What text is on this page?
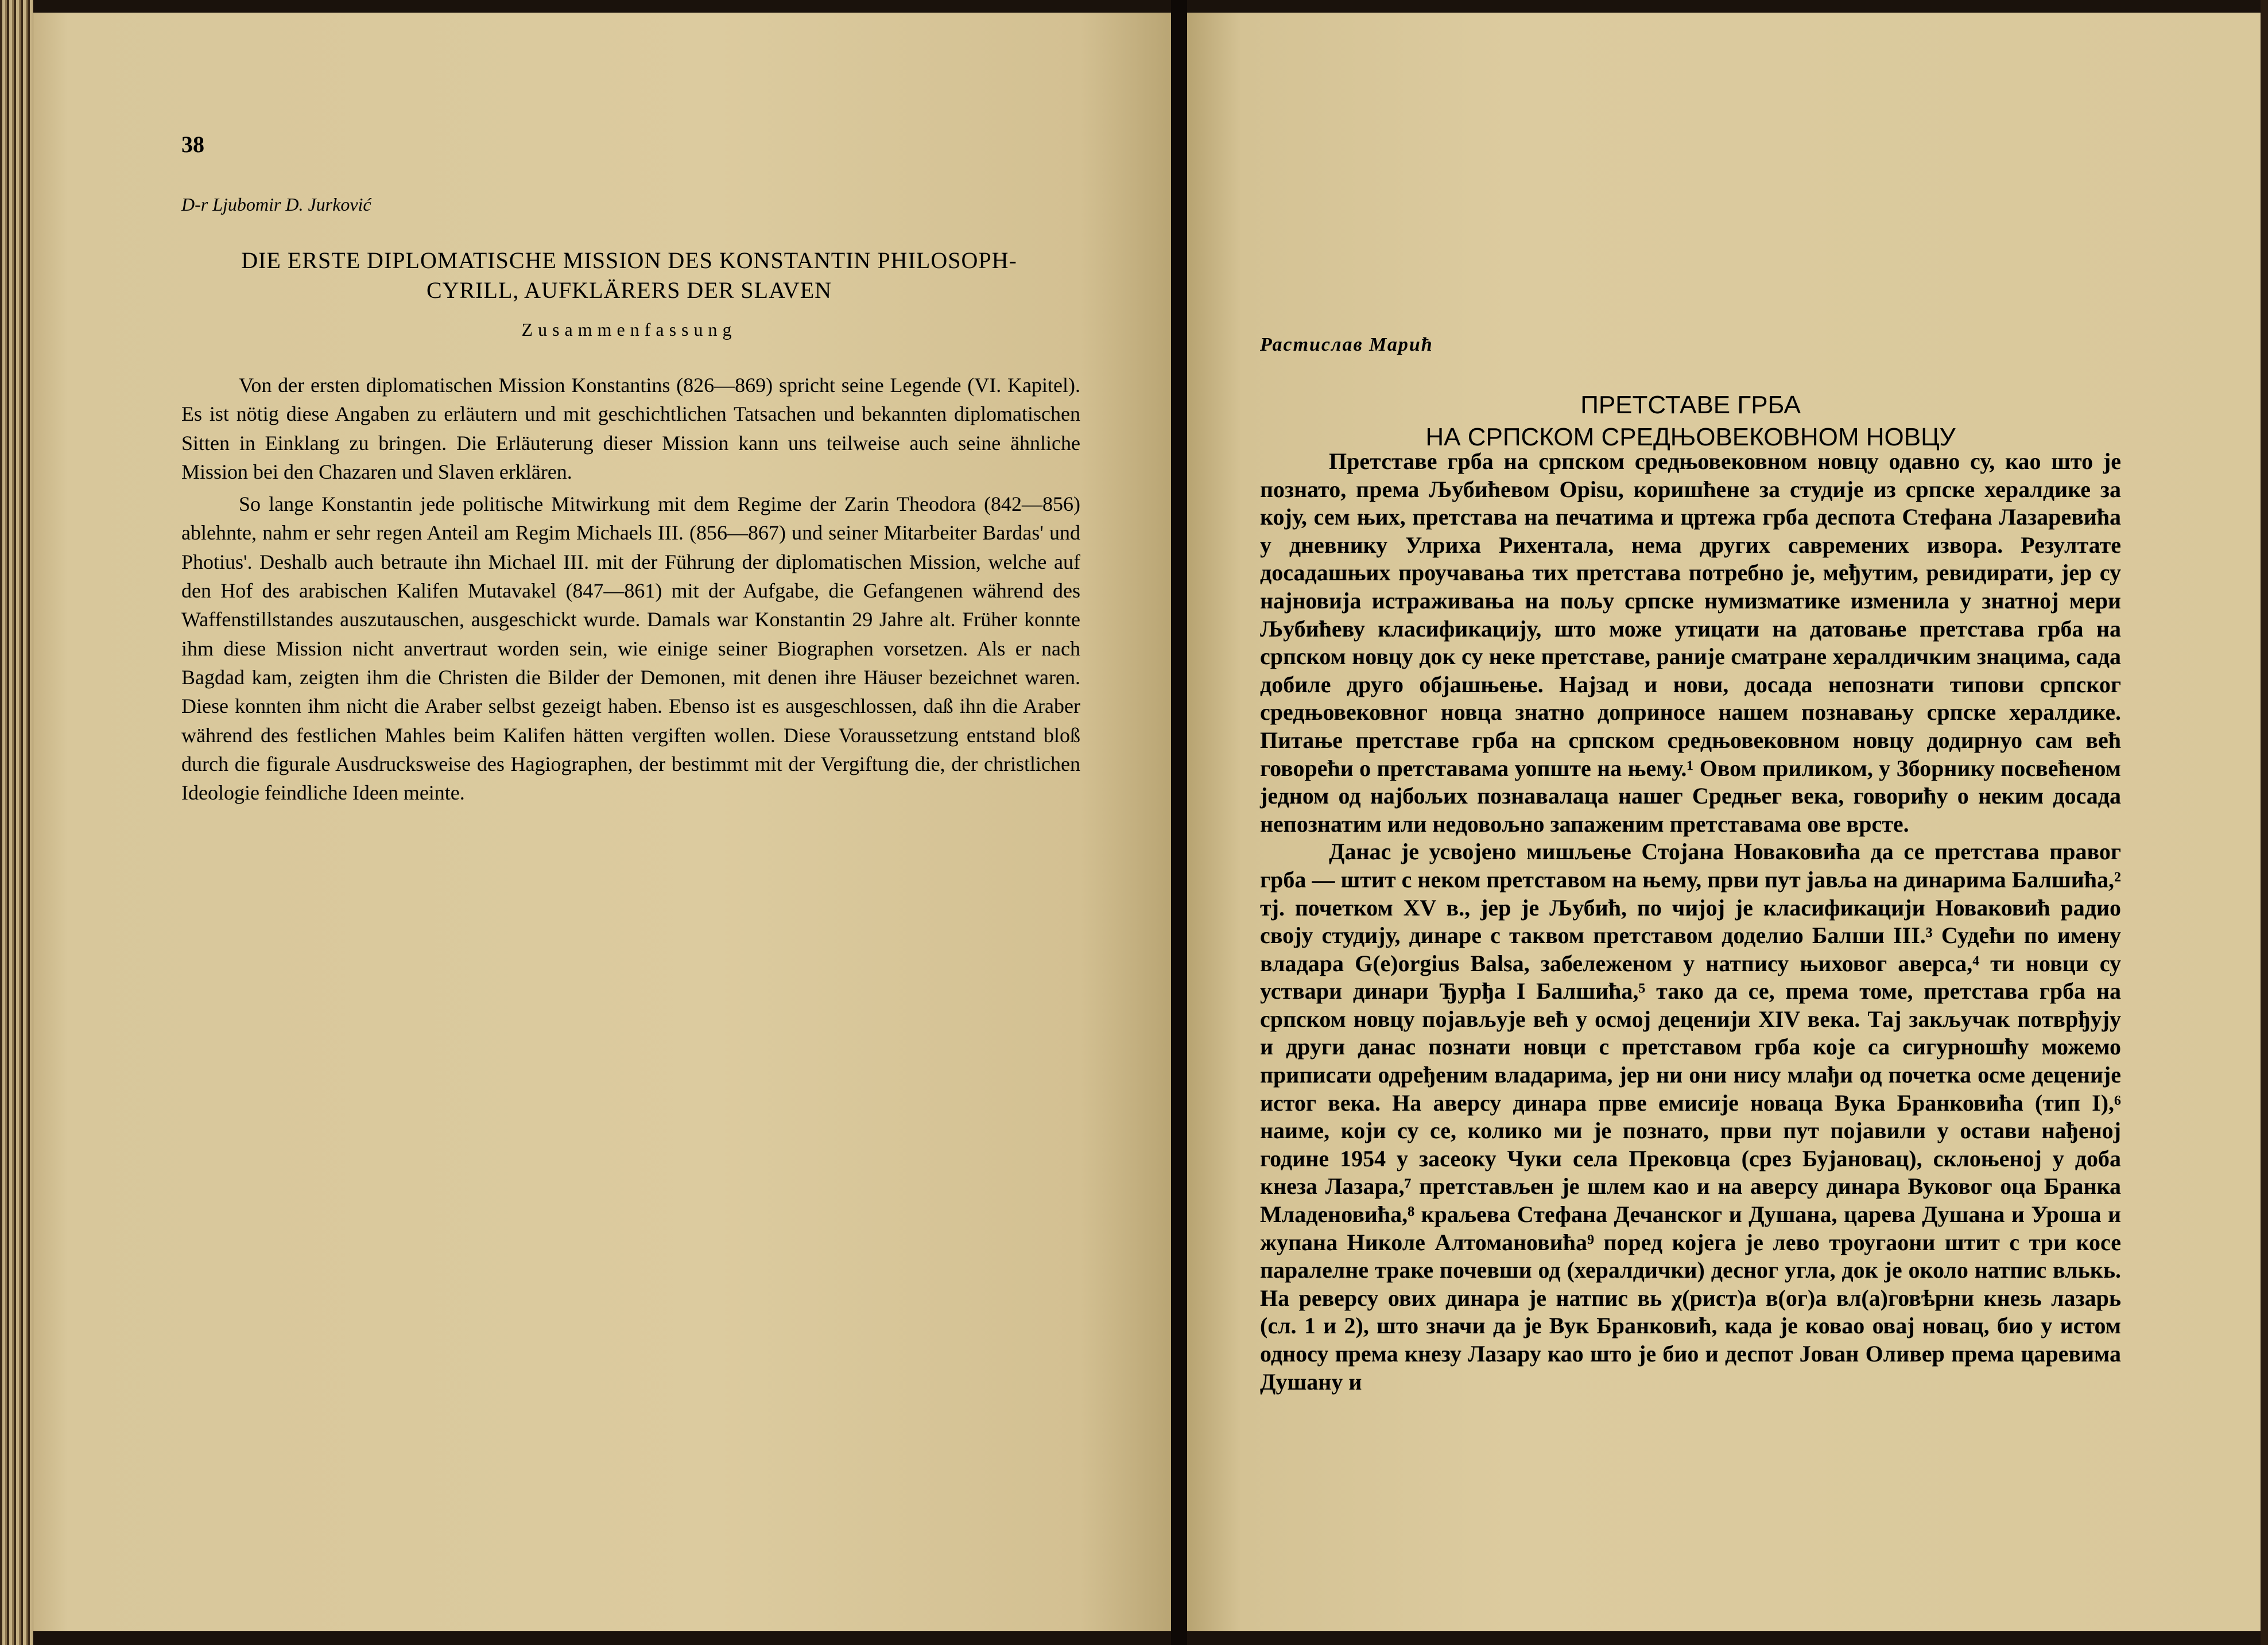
38
D-r Ljubomir D. Jurković
DIE ERSTE DIPLOMATISCHE MISSION DES KONSTANTIN PHILOSOPH-
CYRILL, AUFKLÄRERS DER SLAVEN
Zusammenfassung

Von der ersten diplomatischen Mission Konstantins (826—869) spricht seine Legende (VI. Kapitel). Es ist nötig diese Angaben zu erläutern und mit geschichtlichen Tatsachen und bekannten diplomatischen Sitten in Einklang zu bringen. Die Erläuterung dieser Mission kann uns teilweise auch seine ähnliche Mission bei den Chazaren und Slaven erklären.

So lange Konstantin jede politische Mitwirkung mit dem Regime der Zarin Theodora (842—856) ablehnte, nahm er sehr regen Anteil am Regim Michaels III. (856—867) und seiner Mitarbeiter Bardas' und Photius'. Deshalb auch betraute ihn Michael III. mit der Führung der diplomatischen Mission, welche auf den Hof des arabischen Kalifen Mutavakel (847—861) mit der Aufgabe, die Gefangenen während des Waffenstillstandes auszutauschen, ausgeschickt wurde. Damals war Konstantin 29 Jahre alt. Früher konnte ihm diese Mission nicht anvertraut worden sein, wie einige seiner Biographen vorsetzen. Als er nach Bagdad kam, zeigten ihm die Christen die Bilder der Demonen, mit denen ihre Häuser bezeichnet waren. Diese konnten ihm nicht die Araber selbst gezeigt haben. Ebenso ist es ausgeschlossen, daß ihn die Araber während des festlichen Mahles beim Kalifen hätten vergiften wollen. Diese Voraussetzung entstand bloß durch die figurale Ausdrucksweise des Hagiographen, der bestimmt mit der Vergiftung die, der christlichen Ideologie feindliche Ideen meinte.

Растислав Марић
ПРЕТСТАВЕ ГРБА
НА СРПСКОМ СРЕДЊОВЕКОВНОМ НОВЦУ

Претставе грба на српском средњовековном новцу одавно су, као што је познато, према Љубићевом Opisu, коришћене за студије из српске хералдике за коју, сем њих, претстава на печатима и цртежа грба деспота Стефана Лазаревића у дневнику Улриха Рихентала, нема других савремених извора. Резултате досадашњих проучавања тих претстава потребно је, међутим, ревидирати, јер су најновија истраживања на пољу српске нумизматике изменила у знатној мери Љубићеву класификацију, што може утицати на датовање претстава грба на српском новцу док су неке претставе, раније сматране хералдичким знацима, сада добиле друго објашњење. Најзад и нови, досада непознати типови српског средњовековног новца знатно доприносе нашем познавању српске хералдике. Питање претставе грба на српском средњовековном новцу додирнуо сам већ говорећи о претставама уопште на њему.¹ Овом приликом, у Зборнику посвећеном једном од најбољих познавалаца нашег Средњег века, говорићу о неким досада непознатим или недовољно запаженим претставама ове врсте.

Данас је усвојено мишљење Стојана Новаковића да се претстава правог грба — штит с неком претставом на њему, први пут јавља на динарима Балшића,² тј. почетком XV в., јер је Љубић, по чијој је класификацији Новаковић радио своју студију, динаре с таквом претставом доделио Балши III.³ Судећи по имену владара G(e)orgius Balsa, забележеном у натпису њиховог аверса,⁴ ти новци су уствари динари Ђурђа I Балшића,⁵ тако да се, према томе, претстава грба на српском новцу појављује већ у осмој деценији XIV века. Тај закључак потврђују и други данас познати новци с претставом грба које са сигурношћу можемо приписати одређеним владарима, јер ни они нису млађи од почетка осме деценије истог века. На аверсу динара прве емисије новаца Вука Бранковића (тип I),⁶ наиме, који су се, колико ми је познато, први пут појавили у остави нађеној године 1954 у засеоку Чуки села Прековца (срез Бујановац), склоњеној у доба кнеза Лазара,⁷ претстављен је шлем као и на аверсу динара Вуковог оца Бранка Младеновића,⁸ краљева Стефана Дечанског и Душана, царева Душана и Уроша и жупана Николе Алтомановића⁹ поред којега је лево троугаони штит с три косе паралелне траке почевши од (хералдички) десног угла, док је около натпис влькь. На реверсу ових динара је натпис вь χ(рист)а в(ог)а вл(а)говѣрни кнезь лазарь (сл. 1 и 2), што значи да је Вук Бранковић, када је ковао овај новац, био у истом односу према кнезу Лазару као што је био и деспот Јован Оливер према царевима Душану и
